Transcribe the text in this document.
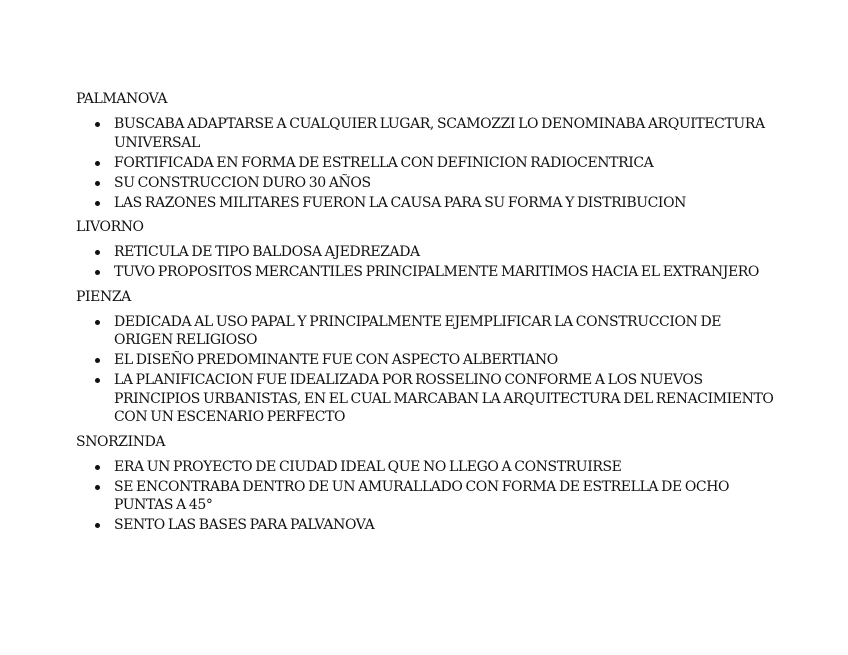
PALMANOVA
BUSCABA ADAPTARSE A CUALQUIER LUGAR, SCAMOZZI LO DENOMINABA ARQUITECTURA UNIVERSAL
FORTIFICADA EN FORMA DE ESTRELLA CON DEFINICION RADIOCENTRICA
SU CONSTRUCCION DURO 30 AÑOS
LAS RAZONES MILITARES FUERON LA CAUSA PARA SU FORMA Y DISTRIBUCION
LIVORNO
RETICULA DE TIPO BALDOSA AJEDREZADA
TUVO PROPOSITOS MERCANTILES PRINCIPALMENTE MARITIMOS HACIA EL EXTRANJERO
PIENZA
DEDICADA AL USO PAPAL Y PRINCIPALMENTE EJEMPLIFICAR LA CONSTRUCCION DE ORIGEN RELIGIOSO
EL DISEÑO PREDOMINANTE FUE CON ASPECTO ALBERTIANO
LA PLANIFICACION FUE IDEALIZADA POR ROSSELINO CONFORME A LOS NUEVOS PRINCIPIOS URBANISTAS, EN EL CUAL MARCABAN LA ARQUITECTURA DEL RENACIMIENTO CON UN ESCENARIO PERFECTO
SNORZINDA
ERA UN PROYECTO DE CIUDAD IDEAL QUE NO LLEGO A CONSTRUIRSE
SE ENCONTRABA DENTRO DE UN AMURALLADO CON FORMA DE ESTRELLA DE OCHO PUNTAS A 45°
SENTO LAS BASES PARA PALVANOVA
